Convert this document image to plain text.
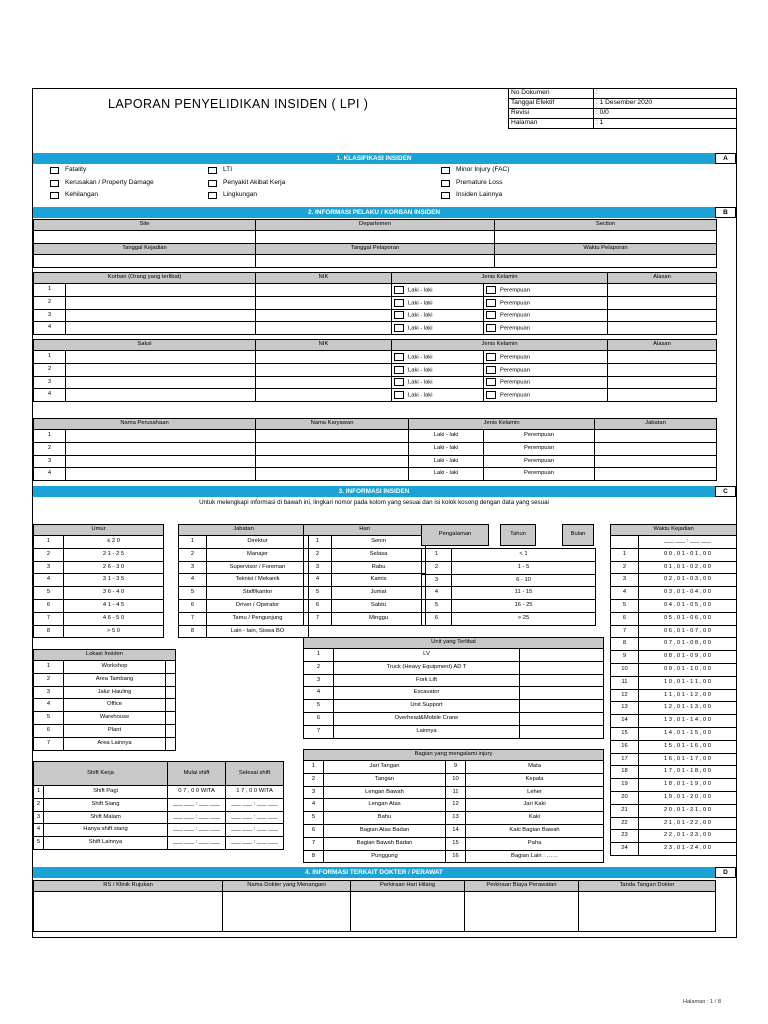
LAPORAN PENYELIDIKAN INSIDEN ( LPI )
No Dokumen	:
Tanggal Efektif	: 1 Desember 2020
Revisi	: 0/0
Halaman	: 1
1. KLASIFIKASI INSIDEN	A
Fatality
Kerusakan / Property Damage
Kehilangan
LTI
Penyakit Akibat Kerja
Lingkungan
Minor Injury (FAC)
Premature Loss
Insiden Lainnya
2. INFORMASI PELAKU / KORBAN INSIDEN	B
Site	Departemen	Section

Tanggal Kejadian	Tanggal Pelaporan	Waktu Pelaporan

Korban (Orang yang terlibat)		NIK	Jenis Kelamin		Alasan
1			Laki - laki	Perempuan	
2			Laki - laki	Perempuan	
3			Laki - laki	Perempuan	
4			Laki - laki	Perempuan	
Saksi		NIK	Jenis Kelamin		Alasan
1			Laki - laki	Perempuan	
2			Laki - laki	Perempuan	
3			Laki - laki	Perempuan	
4			Laki - laki	Perempuan	
Nama Perusahaan		Nama Karyawan	Jenis Kelamin		Jabatan
1			Laki - laki	Perempuan	
2			Laki - laki	Perempuan	
3			Laki - laki	Perempuan	
4			Laki - laki	Perempuan	
3. INFORMASI INSIDEN	C
Untuk melengkapi informasi di bawah ini, lingkari nomor pada kolom yang sesuai dan isi kolok kosong dengan data yang sesuai
Umur	
1	≤ 2 0
2	2 1 - 2 5
3	2 6 - 3 0
4	3 1 - 3 5
5	3 6 - 4 0
6	4 1 - 4 5
7	4 6 - 5 0
8	> 5 0
Jabatan	
1	Direktur
2	Manajer
3	Supervisor / Foreman
4	Teknisi / Mekanik
5	Staff/kantor
6	Driver / Operator
7	Tamu / Pengunjung
8	Lain - lain, Siswa BO
Hari	
1	Senin
2	Selasa
3	Rabu
4	Kamis
5	Jumat
6	Sabtu
7	Minggu
Lokasi Insiden		
1	Workshop	
2	Area Tambang	
3	Jalur Hauling	
4	Office	
5	Warehouse	
6	Plant	
7	Area Lainnya	
Unit yang Terlibat		
1	LV	
2	Truck (Heavy Equipment) AD T	
3	Fork Lift	
4	Excavator	
5	Unit Support	
6	Overhead&Mobile Crane	
7	Lainnya	
Pengalaman	Tahun	Bulan
1	< 1
2	1 - 5
3	6 - 10
4	11 - 15
5	16 - 25
6	> 25
Waktu Kejadian	
	___ ___ : ___ ___
1	0 0 , 0 1 - 0 1 , 0 0
2	0 1 , 0 1 - 0 2 , 0 0
3	0 2 , 0 1 - 0 3 , 0 0
4	0 3 , 0 1 - 0 4 , 0 0
5	0 4 , 0 1 - 0 5 , 0 0
6	0 5 , 0 1 - 0 6 , 0 0
7	0 6 , 0 1 - 0 7 , 0 0
8	0 7 , 0 1 - 0 8 , 0 0
9	0 8 , 0 1 - 0 9 , 0 0
10	0 9 , 0 1 - 1 0 , 0 0
11	1 0 , 0 1 - 1 1 , 0 0
12	1 1 , 0 1 - 1 2 , 0 0
13	1 2 , 0 1 - 1 3 , 0 0
14	1 3 , 0 1 - 1 4 , 0 0
15	1 4 , 0 1 - 1 5 , 0 0
16	1 5 , 0 1 - 1 6 , 0 0
17	1 6 , 0 1 - 1 7 , 0 0
18	1 7 , 0 1 - 1 8 , 0 0
19	1 8 , 0 1 - 1 9 , 0 0
20	1 9 , 0 1 - 2 0 , 0 0
21	2 0 , 0 1 - 2 1 , 0 0
22	2 1 , 0 1 - 2 2 , 0 0
23	2 2 , 0 1 - 2 3 , 0 0
24	2 3 , 0 1 - 2 4 , 0 0
Bagian yang mengalami injury			
1	Jari Tangan	9	Mata
2	Tangan	10	Kepala
3	Lengan Bawah	11	Leher
4	Lengan Atas	12	Jari Kaki
5	Bahu	13	Kaki
6	Bagian Atas Badan	14	Kaki Bagian Bawah
7	Bagian Bawah Badan	15	Paha
8	Punggung	16	Bagian Lain : ……
Shift Kerja		Mulai shift	Selesai shift
1	Shift Pagi	0 7 , 0 0 WITA	1 7 , 0 0 WITA
2	Shift Siang	___ ___ : ___ ___	___ ___ : ___ ___
3	Shift Malam	___ ___ : ___ ___	___ ___ : ___ ___
4	Hanya shift siang	___ ___ : ___ ___	___ ___ : ___ ___
5	Shift Lainnya	___ ___ : ___ ___	___ ___ : ___ ___
4. INFORMASI TERKAIT DOKTER / PERAWAT	D
RS / Klinik Rujukan	Nama Dokter yang Menangani	Perkiraan Hari Hilang	Perkiraan Biaya Perawatan	Tanda Tangan Dokter

Halaman : 1 / 8
